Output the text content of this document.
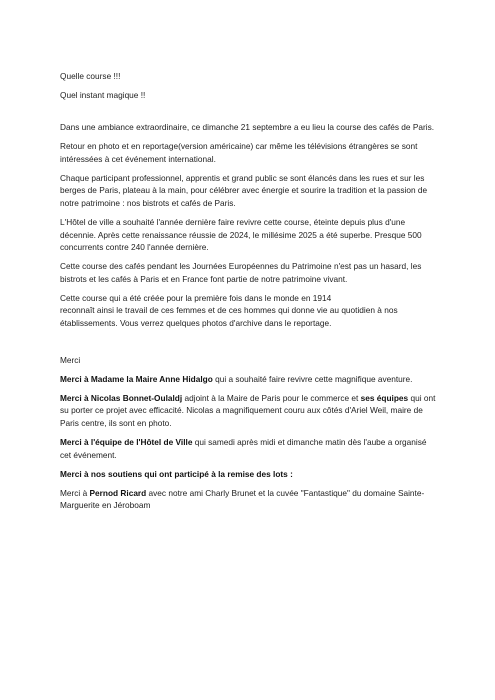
Quelle course !!!

Quel instant magique !!

Dans une ambiance extraordinaire, ce dimanche 21 septembre a eu lieu la course des cafés de Paris.

Retour en photo et en reportage(version américaine) car même les télévisions étrangères se sont intéressées à cet événement international.

Chaque participant professionnel, apprentis et grand public se sont élancés dans les rues et sur les berges de Paris, plateau à la main, pour célébrer avec énergie et sourire la tradition et la passion de notre patrimoine : nos bistrots et cafés de Paris.

L'Hôtel de ville a souhaité l'année dernière faire revivre cette course, éteinte depuis plus d'une décennie. Après cette renaissance réussie de 2024, le millésime 2025 a été superbe. Presque 500 concurrents contre 240 l'année dernière.

Cette course des cafés pendant les Journées Européennes du Patrimoine n'est pas un hasard, les bistrots et les cafés à Paris et en France font partie de notre patrimoine vivant.

Cette course qui a été créée pour la première fois dans le monde en 1914
reconnaît ainsi le travail de ces femmes et de ces hommes qui donne vie au quotidien à nos établissements. Vous verrez quelques photos d'archive dans le reportage.

Merci

Merci à Madame la Maire Anne Hidalgo qui a souhaité faire revivre cette magnifique aventure.

Merci à Nicolas Bonnet-Oulaldj adjoint à la Maire de Paris pour le commerce et ses équipes qui ont su porter ce projet avec efficacité. Nicolas a magnifiquement couru aux côtés d'Ariel Weil, maire de Paris centre, ils sont en photo.

Merci à l'équipe de l'Hôtel de Ville qui samedi après midi et dimanche matin dès l'aube a organisé cet événement.

Merci à nos soutiens qui ont participé à la remise des lots :

Merci à Pernod Ricard avec notre ami Charly Brunet et la cuvée "Fantastique" du domaine Sainte-Marguerite en Jéroboam
